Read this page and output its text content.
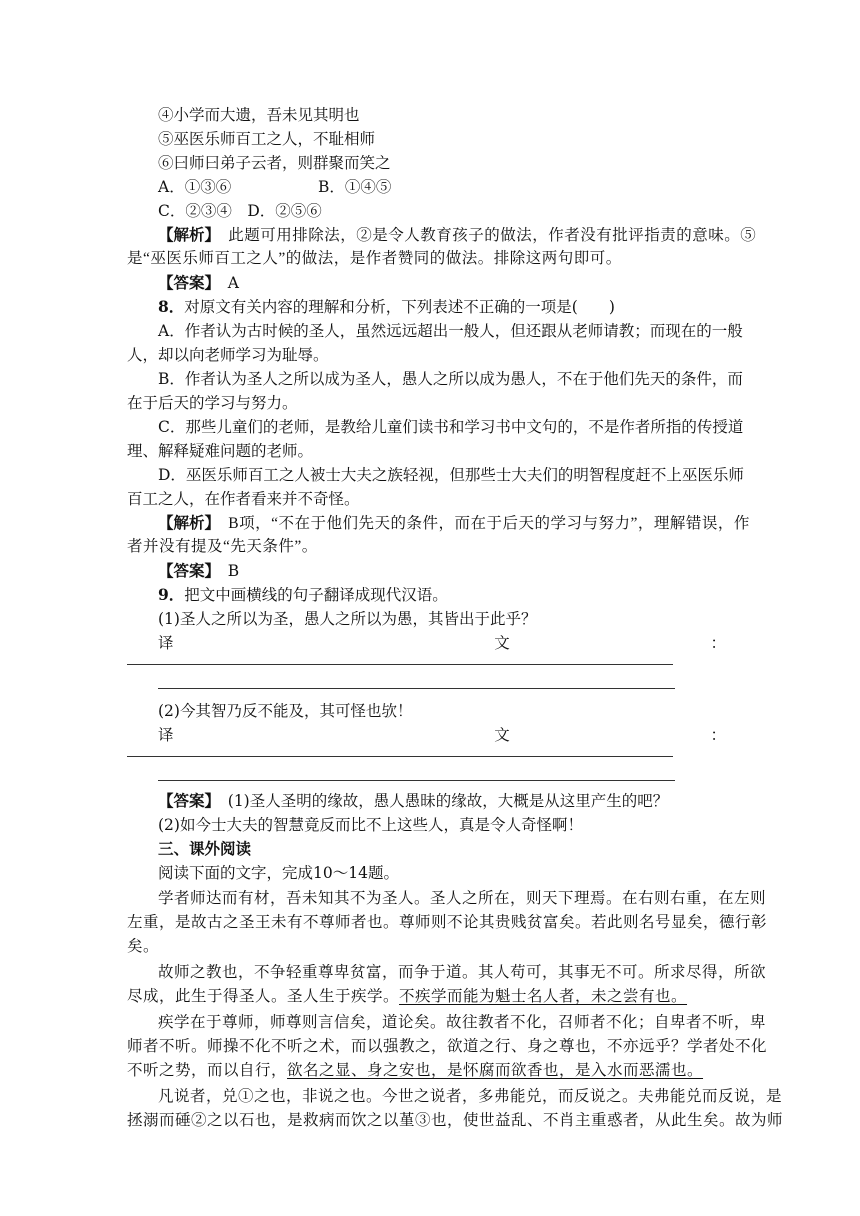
④小学而大遗，吾未见其明也
⑤巫医乐师百工之人，不耻相师
⑥曰师曰弟子云者，则群聚而笑之
A．①③⑥	B．①④⑤
C．②③④　D．②⑤⑥
【解析】　此题可用排除法，②是令人教育孩子的做法，作者没有批评指责的意味。⑤
是“巫医乐师百工之人”的做法，是作者赞同的做法。排除这两句即可。
【答案】　A
8．对原文有关内容的理解和分析，下列表述不正确的一项是(　　)
A．作者认为古时候的圣人，虽然远远超出一般人，但还跟从老师请教；而现在的一般
人，却以向老师学习为耻辱。
B．作者认为圣人之所以成为圣人，愚人之所以成为愚人，不在于他们先天的条件，而
在于后天的学习与努力。
C．那些儿童们的老师，是教给儿童们读书和学习书中文句的，不是作者所指的传授道
理、解释疑难问题的老师。
D．巫医乐师百工之人被士大夫之族轻视，但那些士大夫们的明智程度赶不上巫医乐师
百工之人，在作者看来并不奇怪。
【解析】　B项，“不在于他们先天的条件，而在于后天的学习与努力”，理解错误，作
者并没有提及“先天条件”。
【答案】　B
9．把文中画横线的句子翻译成现代汉语。
(1)圣人之所以为圣，愚人之所以为愚，其皆出于此乎？
译	文	：
(2)今其智乃反不能及，其可怪也欤！
译	文	：
【答案】　(1)圣人圣明的缘故，愚人愚昧的缘故，大概是从这里产生的吧？
(2)如今士大夫的智慧竟反而比不上这些人，真是令人奇怪啊！
三、课外阅读
阅读下面的文字，完成10～14题。
学者师达而有材，吾未知其不为圣人。圣人之所在，则天下理焉。在右则右重，在左则
左重，是故古之圣王未有不尊师者也。尊师则不论其贵贱贫富矣。若此则名号显矣，德行彰
矣。
故师之教也，不争轻重尊卑贫富，而争于道。其人苟可，其事无不可。所求尽得，所欲
尽成，此生于得圣人。圣人生于疾学。不疾学而能为魁士名人者，未之尝有也。
疾学在于尊师，师尊则言信矣，道论矣。故往教者不化，召师者不化；自卑者不听，卑
师者不听。师操不化不听之术，而以强教之，欲道之行、身之尊也，不亦远乎？学者处不化
不听之势，而以自行，欲名之显、身之安也，是怀腐而欲香也，是入水而恶濡也。
凡说者，兑①之也，非说之也。今世之说者，多弗能兑，而反说之。夫弗能兑而反说，是
拯溺而硾②之以石也，是救病而饮之以堇③也，使世益乱、不肖主重惑者，从此生矣。故为师
